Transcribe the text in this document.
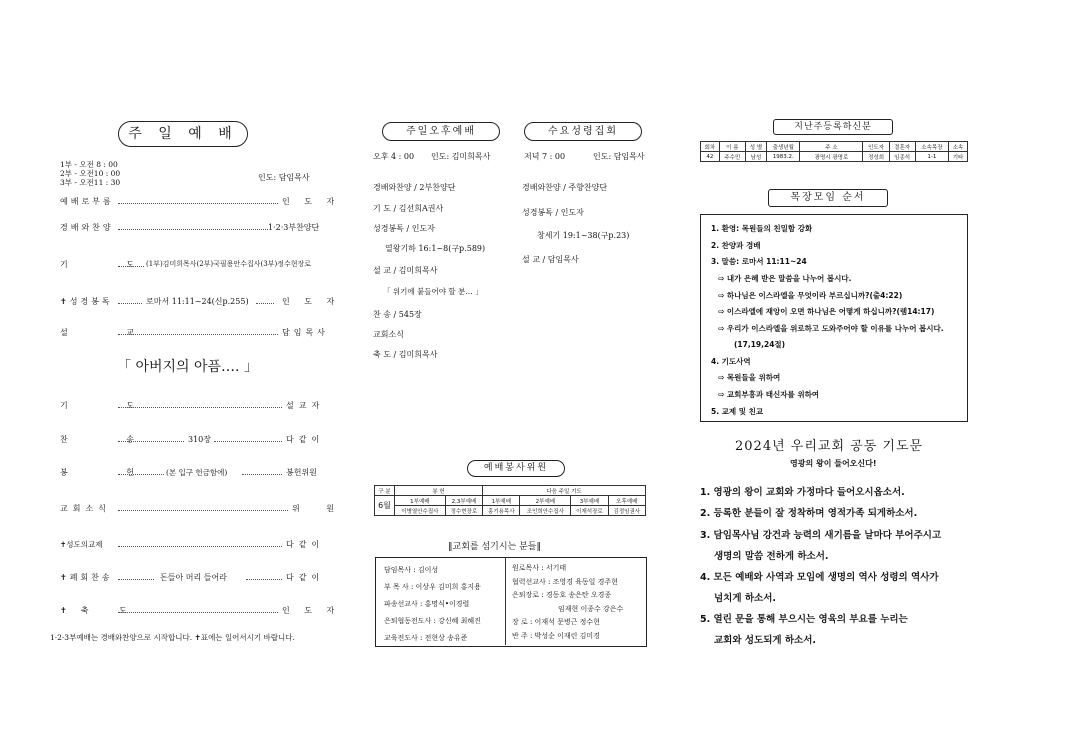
주 일 예 배
1부 - 오전 8 : 00
2부 - 오전10 : 00
3부 - 오전11 : 30
인도: 담임목사
예배로부름	인 도 자
경배와찬양	1·2·3부찬양단
기 도
(1부)김미희목사(2부)국필용안수집사(3부)정수현장로
✝성경봉독	로마서 11:11~24(신p.255)	인 도 자
설 교	담임목사
「 아버지의 아픔…. 」
기 도	설교자
찬 송	310장	다같이
봉 헌 (본 입구 헌금함에)	봉헌위원
교회소식	위 원
✝성도의교제	다같이
✝폐회찬송	돈들아 머리 들어라	다같이
✝축 도	인 도 자
1·2·3부예배는 경배와찬양으로 시작합니다. ✝표에는 일어서시기 바랍니다.
주일오후예배	수요성령집회
오후 4 : 00 인도: 김미희목사
경배와찬양 / 2부찬양단
기 도 / 김선희A권사
성경봉독 / 인도자
열왕기하 16:1~8(구p.589)
설 교 / 김미희목사
「 위기에 붙들어야 할 분… 」
찬 송 / 545장
교회소식
축 도 / 김미희목사
저녁 7 : 00	인도: 담임목사
경배와찬양 / 주향찬양단
성경봉독 / 인도자
창세기 19:1~38(구p.23)
설 교 / 담임목사
예배봉사위원
구 분	봉 헌		다음 주일 기도			
6월	1부예배	2,3부예배	1부예배	2부예배	3부예배	오후예배
	이병열안수집사	정수현장로	홍기용목사	조인희안수집사	이재석장로	김정임권사
‖교회를 섬기시는 분들‖
담임목사 : 김이성
부 목 사 : 이상우 김미희 홍지용
파송선교사 : 홍명식•이경렬
은퇴협동전도사 : 강신혜 최혜진
교육전도사 : 전현상 송유준
원로목사 : 서기태
협력선교사 : 조영경 육동일 경주현
은퇴장로 : 경동호 송은탄 오경종
임재현 이종수 강은수
장 로 : 이재석 문병근 정수현
반 주 : 박성순 이재린 김미경
지난주등록하신분
회차	이 름	성 별	출생년월	주 소	인도자	결혼자	소속목장	소속
42	주수민	남성	1983.2.	광명시 광명로	정성희	임종석	1-1	기타
목장모임 순서
1. 환영: 목원들의 친밀함 강화
2. 찬양과 경배
3. 말씀: 로마서 11:11~24
⇨ 내가 은혜 받은 말씀을 나누어 봅시다.
⇨ 하나님은 이스라엘을 무엇이라 부르십니까?(출4:22)
⇨ 이스라엘에 재앙이 오면 하나님은 어떻게 하십니까?(렘14:17)
⇨ 우리가 이스라엘을 위로하고 도와주어야 할 이유를 나누어 봅시다.
(17,19,24절)
4. 기도사역
⇨ 목원들을 위하여
⇨ 교회부흥과 태신자를 위하여
5. 교제 및 친교
2024년 우리교회 공동 기도문
영광의 왕이 들어오신다!
1. 영광의 왕이 교회와 가정마다 들어오시옵소서.
2. 등록한 분들이 잘 정착하며 영적가족 되게하소서.
3. 담임목사님 강건과 능력의 새기름을 날마다 부어주시고
생명의 말씀 전하게 하소서.
4. 모든 예배와 사역과 모임에 생명의 역사 성령의 역사가
넘치게 하소서.
5. 열린 문을 통해 부으시는 영육의 부요를 누리는
교회와 성도되게 하소서.
